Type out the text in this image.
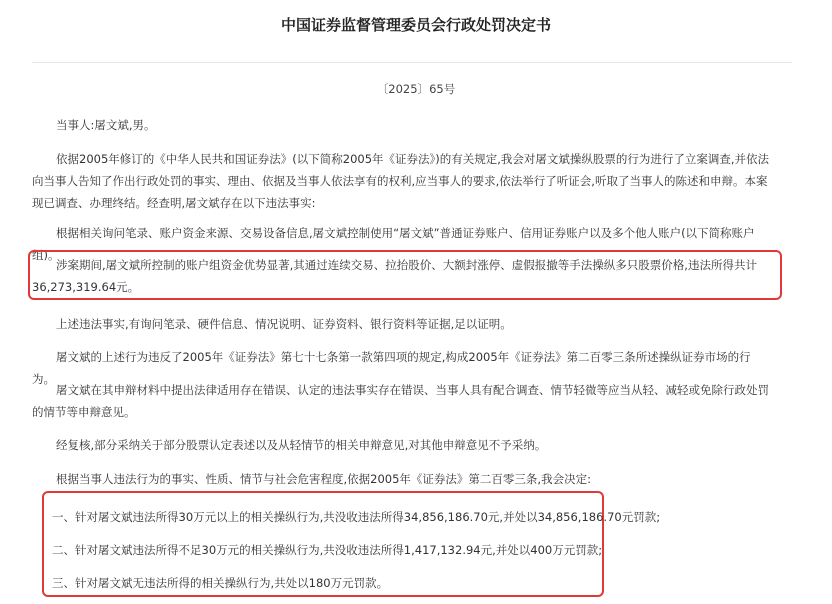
中国证券监督管理委员会行政处罚决定书
〔2025〕65号

当事人:屠文斌,男。

依据2005年修订的《中华人民共和国证券法》(以下简称2005年《证券法》)的有关规定,我会对屠文斌操纵股票的行为进行了立案调查,并依法向当事人告知了作出行政处罚的事实、理由、依据及当事人依法享有的权利,应当事人的要求,依法举行了听证会,听取了当事人的陈述和申辩。本案现已调查、办理终结。经查明,屠文斌存在以下违法事实:

根据相关询问笔录、账户资金来源、交易设备信息,屠文斌控制使用“屠文斌”普通证券账户、信用证券账户以及多个他人账户(以下简称账户组)。

涉案期间,屠文斌所控制的账户组资金优势显著,其通过连续交易、拉抬股价、大额封涨停、虚假报撤等手法操纵多只股票价格,违法所得共计36,273,319.64元。

上述违法事实,有询问笔录、硬件信息、情况说明、证券资料、银行资料等证据,足以证明。

屠文斌的上述行为违反了2005年《证券法》第七十七条第一款第四项的规定,构成2005年《证券法》第二百零三条所述操纵证券市场的行为。

屠文斌在其申辩材料中提出法律适用存在错误、认定的违法事实存在错误、当事人具有配合调查、情节轻微等应当从轻、减轻或免除行政处罚的情节等申辩意见。

经复核,部分采纳关于部分股票认定表述以及从轻情节的相关申辩意见,对其他申辩意见不予采纳。

根据当事人违法行为的事实、性质、情节与社会危害程度,依据2005年《证券法》第二百零三条,我会决定:

一、针对屠文斌违法所得30万元以上的相关操纵行为,共没收违法所得34,856,186.70元,并处以34,856,186.70元罚款;
二、针对屠文斌违法所得不足30万元的相关操纵行为,共没收违法所得1,417,132.94元,并处以400万元罚款;
三、针对屠文斌无违法所得的相关操纵行为,共处以180万元罚款。
